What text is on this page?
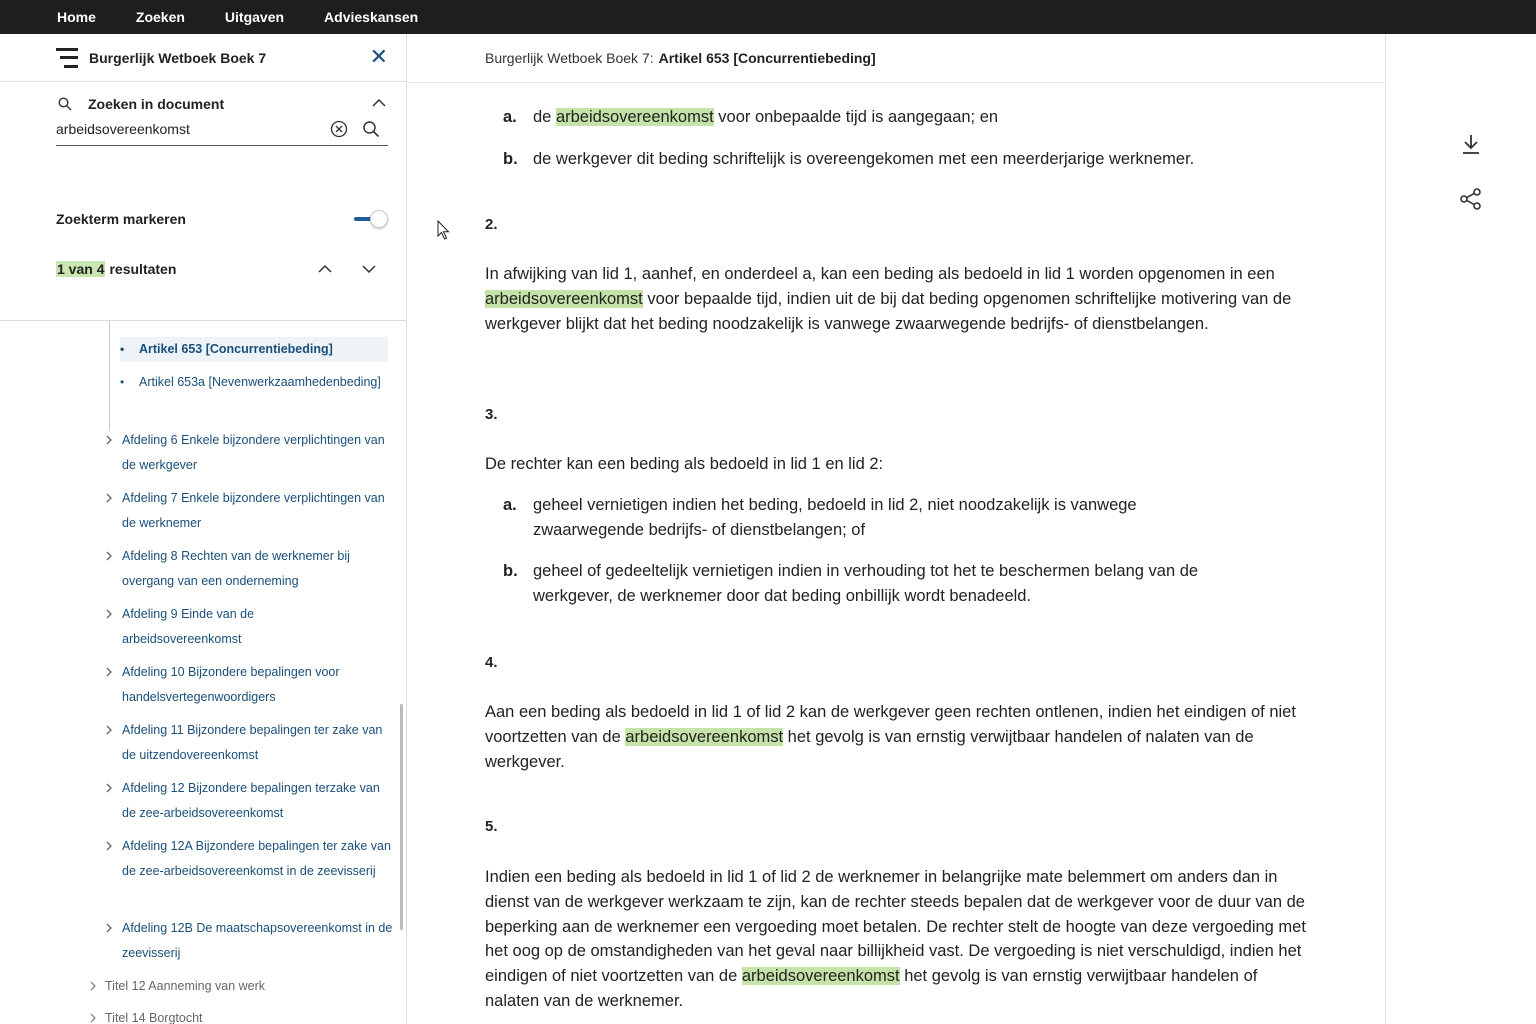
Home	Zoeken	Uitgaven	Advieskansen
Burgerlijk Wetboek Boek 7	✕
Zoeken in document
arbeidsovereenkomst
Zoekterm markeren
1 van 4 resultaten
• Artikel 653 [Concurrentiebeding]
• Artikel 653a [Nevenwerkzaamhedenbeding]
Afdeling 6 Enkele bijzondere verplichtingen van de werkgever
Afdeling 7 Enkele bijzondere verplichtingen van de werknemer
Afdeling 8 Rechten van de werknemer bij overgang van een onderneming
Afdeling 9 Einde van de arbeidsovereenkomst
Afdeling 10 Bijzondere bepalingen voor handelsvertegenwoordigers
Afdeling 11 Bijzondere bepalingen ter zake van de uitzendovereenkomst
Afdeling 12 Bijzondere bepalingen terzake van de zee-arbeidsovereenkomst
Afdeling 12A Bijzondere bepalingen ter zake van de zee-arbeidsovereenkomst in de zeevisserij
Afdeling 12B De maatschapsovereenkomst in de zeevisserij
Titel 12 Aanneming van werk
Titel 14 Borgtocht
Burgerlijk Wetboek Boek 7: Artikel 653 [Concurrentiebeding]
a. de arbeidsovereenkomst voor onbepaalde tijd is aangegaan; en
b. de werkgever dit beding schriftelijk is overeengekomen met een meerderjarige werknemer.
2.
In afwijking van lid 1, aanhef, en onderdeel a, kan een beding als bedoeld in lid 1 worden opgenomen in een arbeidsovereenkomst voor bepaalde tijd, indien uit de bij dat beding opgenomen schriftelijke motivering van de werkgever blijkt dat het beding noodzakelijk is vanwege zwaarwegende bedrijfs- of dienstbelangen.
3.
De rechter kan een beding als bedoeld in lid 1 en lid 2:
a. geheel vernietigen indien het beding, bedoeld in lid 2, niet noodzakelijk is vanwege zwaarwegende bedrijfs- of dienstbelangen; of
b. geheel of gedeeltelijk vernietigen indien in verhouding tot het te beschermen belang van de werkgever, de werknemer door dat beding onbillijk wordt benadeeld.
4.
Aan een beding als bedoeld in lid 1 of lid 2 kan de werkgever geen rechten ontlenen, indien het eindigen of niet voortzetten van de arbeidsovereenkomst het gevolg is van ernstig verwijtbaar handelen of nalaten van de werkgever.
5.
Indien een beding als bedoeld in lid 1 of lid 2 de werknemer in belangrijke mate belemmert om anders dan in dienst van de werkgever werkzaam te zijn, kan de rechter steeds bepalen dat de werkgever voor de duur van de beperking aan de werknemer een vergoeding moet betalen. De rechter stelt de hoogte van deze vergoeding met het oog op de omstandigheden van het geval naar billijkheid vast. De vergoeding is niet verschuldigd, indien het eindigen of niet voortzetten van de arbeidsovereenkomst het gevolg is van ernstig verwijtbaar handelen of nalaten van de werknemer.
